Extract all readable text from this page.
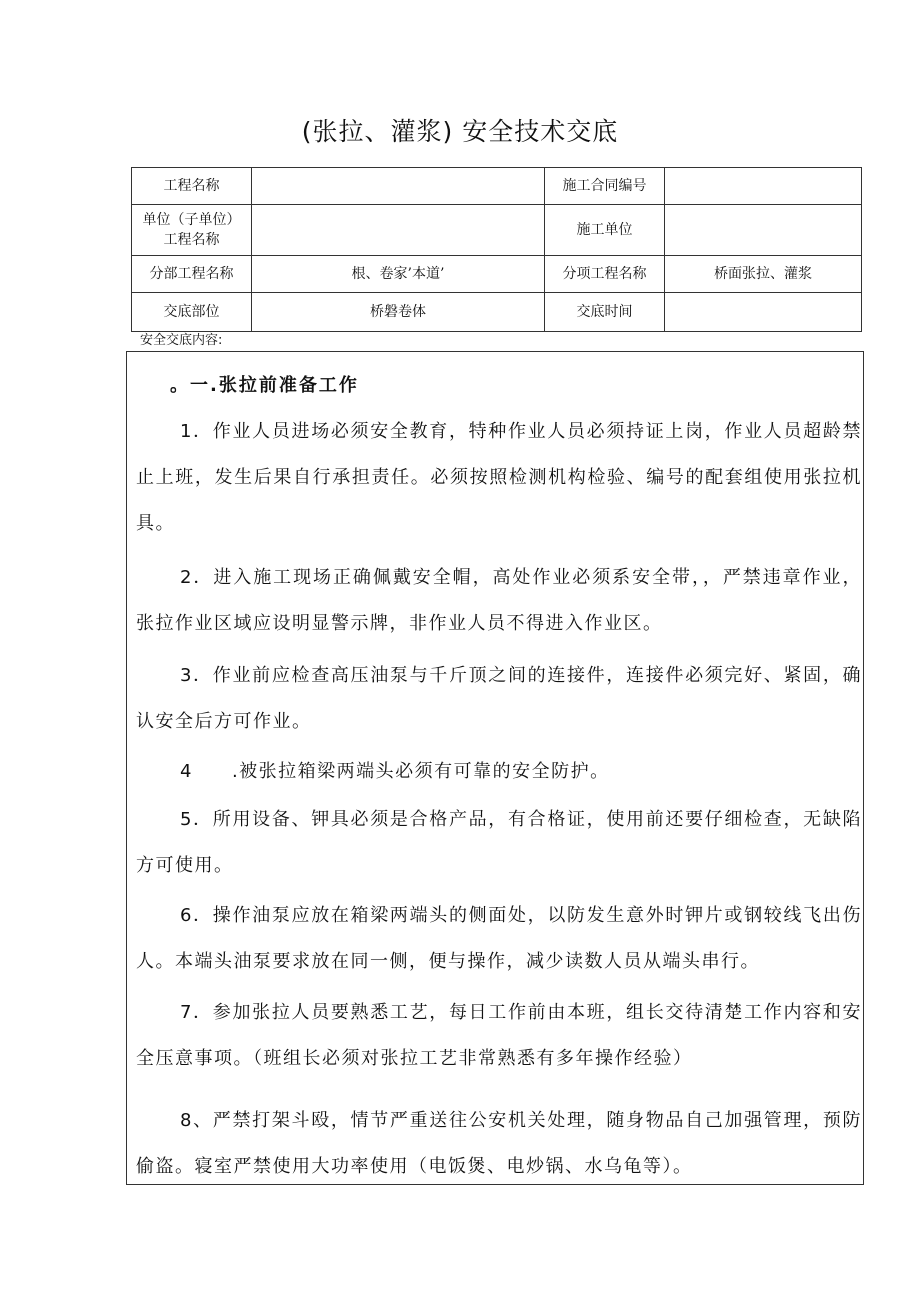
(张拉、灌浆) 安全技术交底
工程名称		施工合同编号	

单位（子单位）
工程名称		施工单位	
分部工程名称	根、卷家’本道’	分项工程名称	桥面张拉、灌浆
交底部位	桥磐卷体	交底时间	
安全交底内容:
。一.张拉前准备工作

1．作业人员进场必须安全教育，特种作业人员必须持证上岗，作业人员超龄禁止上班，发生后果自行承担责任。必须按照检测机构检验、编号的配套组使用张拉机具。

2．进入施工现场正确佩戴安全帽，高处作业必须系安全带，，严禁违章作业，张拉作业区域应设明显警示牌，非作业人员不得进入作业区。

3．作业前应检查高压油泵与千斤顶之间的连接件，连接件必须完好、紧固，确认安全后方可作业。

4　　.被张拉箱梁两端头必须有可靠的安全防护。

5．所用设备、钾具必须是合格产品，有合格证，使用前还要仔细检查，无缺陷方可使用。

6．操作油泵应放在箱梁两端头的侧面处，以防发生意外时钾片或钢较线飞出伤人。本端头油泵要求放在同一侧，便与操作，减少读数人员从端头串行。

7．参加张拉人员要熟悉工艺，每日工作前由本班，组长交待清楚工作内容和安全压意事项。（班组长必须对张拉工艺非常熟悉有多年操作经验）

8、严禁打架斗殴，情节严重送往公安机关处理，随身物品自己加强管理，预防偷盗。寝室严禁使用大功率使用（电饭煲、电炒锅、水乌龟等）。
